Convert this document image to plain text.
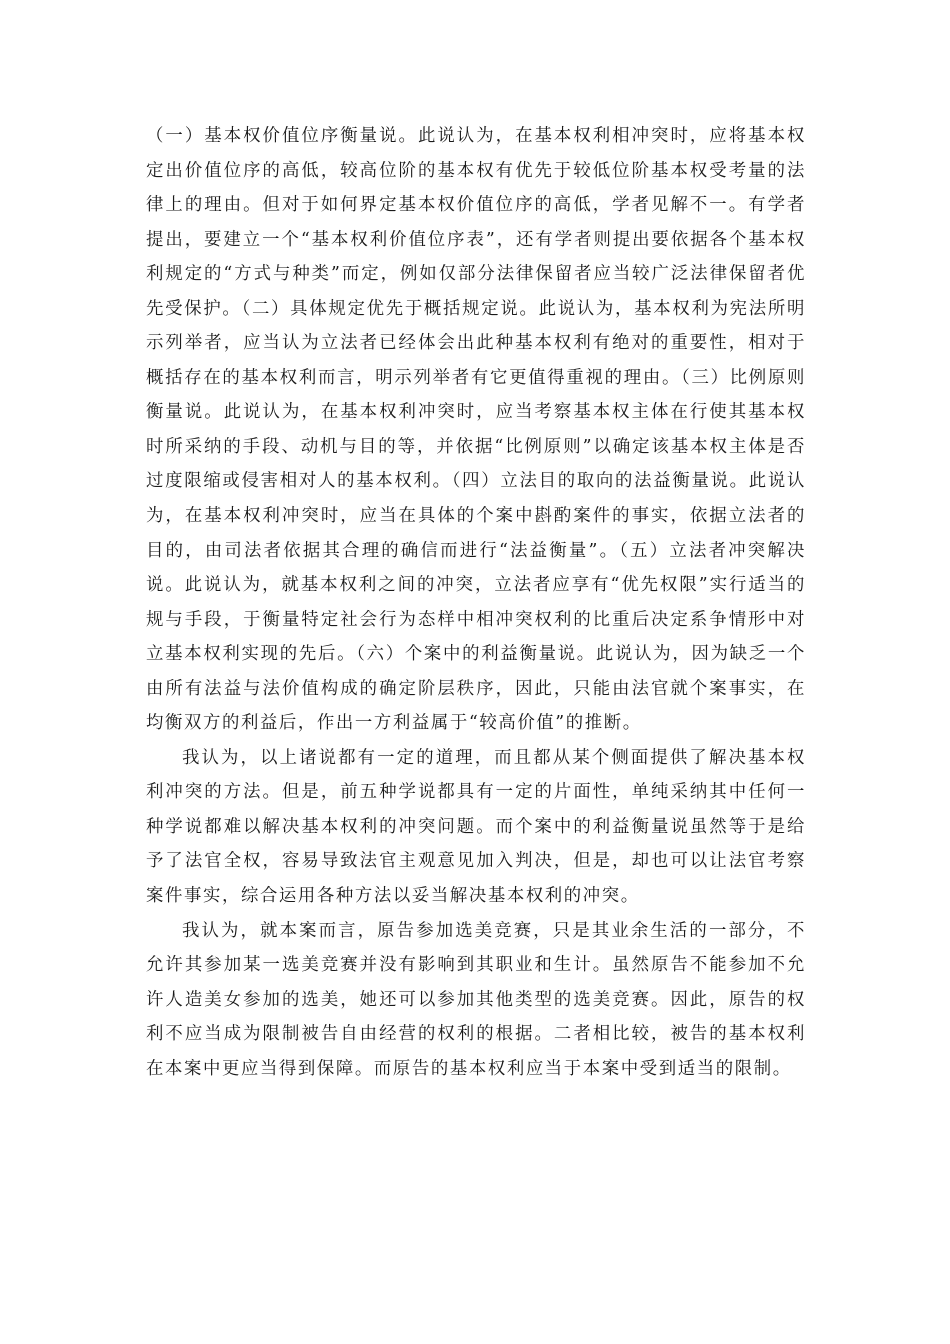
（一）基本权价值位序衡量说。此说认为，在基本权利相冲突时，应将基本权定出价值位序的高低，较高位阶的基本权有优先于较低位阶基本权受考量的法律上的理由。但对于如何界定基本权价值位序的高低，学者见解不一。有学者提出，要建立一个“基本权利价值位序表”，还有学者则提出要依据各个基本权利规定的“方式与种类”而定，例如仅部分法律保留者应当较广泛法律保留者优先受保护。（二）具体规定优先于概括规定说。此说认为，基本权利为宪法所明示列举者，应当认为立法者已经体会出此种基本权利有绝对的重要性，相对于概括存在的基本权利而言，明示列举者有它更值得重视的理由。（三）比例原则衡量说。此说认为，在基本权利冲突时，应当考察基本权主体在行使其基本权时所采纳的手段、动机与目的等，并依据“比例原则”以确定该基本权主体是否过度限缩或侵害相对人的基本权利。（四）立法目的取向的法益衡量说。此说认为，在基本权利冲突时，应当在具体的个案中斟酌案件的事实，依据立法者的目的，由司法者依据其合理的确信而进行“法益衡量”。（五）立法者冲突解决说。此说认为，就基本权利之间的冲突，立法者应享有“优先权限”实行适当的规与手段，于衡量特定社会行为态样中相冲突权利的比重后决定系争情形中对立基本权利实现的先后。（六）个案中的利益衡量说。此说认为，因为缺乏一个由所有法益与法价值构成的确定阶层秩序，因此，只能由法官就个案事实，在均衡双方的利益后，作出一方利益属于“较高价值”的推断。

我认为，以上诸说都有一定的道理，而且都从某个侧面提供了解决基本权利冲突的方法。但是，前五种学说都具有一定的片面性，单纯采纳其中任何一种学说都难以解决基本权利的冲突问题。而个案中的利益衡量说虽然等于是给予了法官全权，容易导致法官主观意见加入判决，但是，却也可以让法官考察案件事实，综合运用各种方法以妥当解决基本权利的冲突。

我认为，就本案而言，原告参加选美竞赛，只是其业余生活的一部分，不允许其参加某一选美竞赛并没有影响到其职业和生计。虽然原告不能参加不允许人造美女参加的选美，她还可以参加其他类型的选美竞赛。因此，原告的权利不应当成为限制被告自由经营的权利的根据。二者相比较，被告的基本权利在本案中更应当得到保障。而原告的基本权利应当于本案中受到适当的限制。
